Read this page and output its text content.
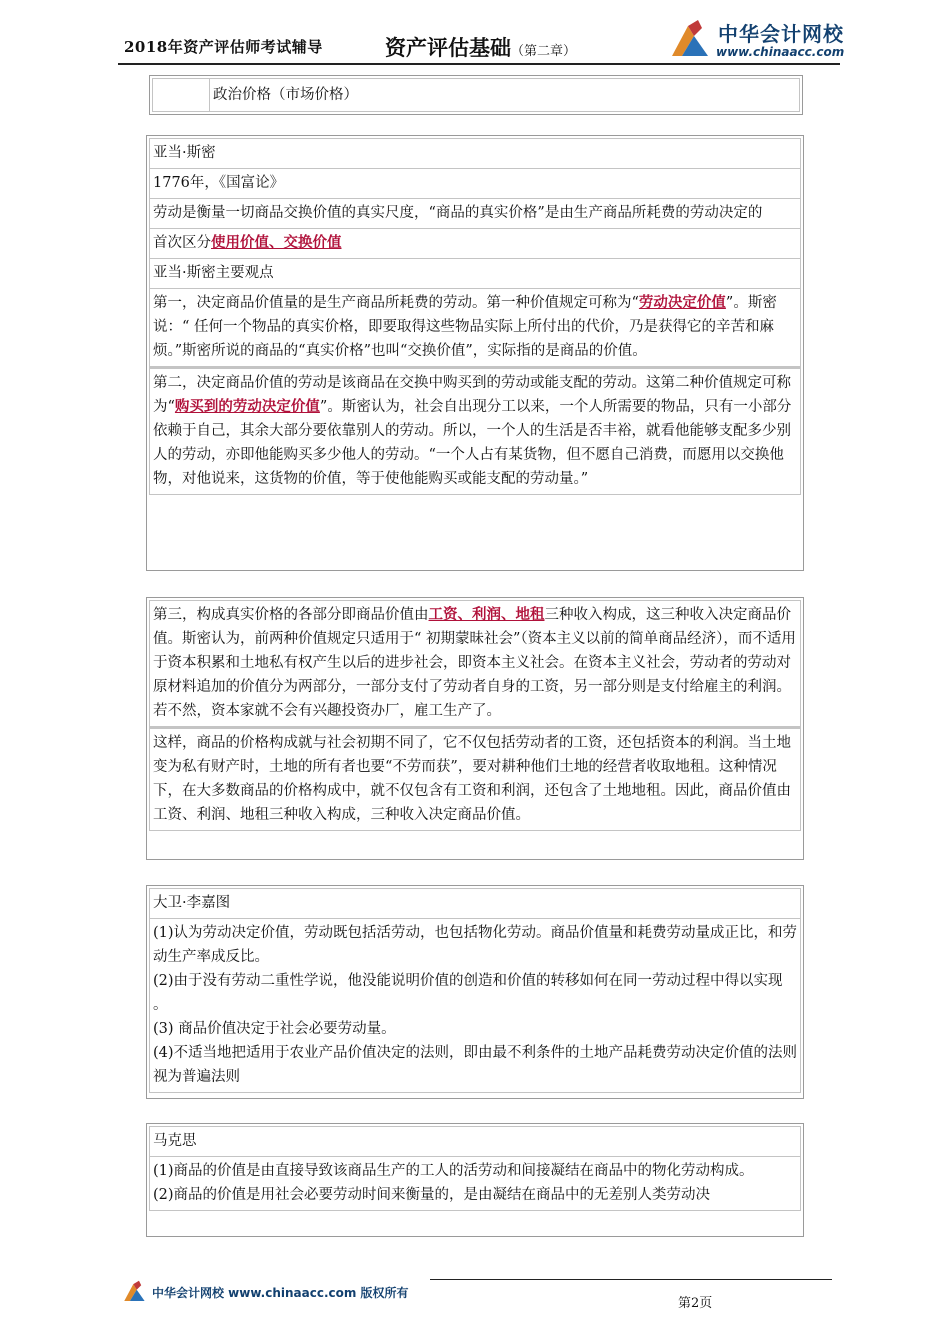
2018年资产评估师考试辅导	资产评估基础（第二章）
中华会计网校
www.chinaacc.com
政治价格（市场价格）
亚当·斯密
1776年，《国富论》
劳动是衡量一切商品交换价值的真实尺度，“商品的真实价格”是由生产商品所耗费的劳动决定的
首次区分使用价值、交换价值
亚当·斯密主要观点
第一，决定商品价值量的是生产商品所耗费的劳动。第一种价值规定可称为“劳动决定价值”。斯密说：“ 任何一个物品的真实价格，即要取得这些物品实际上所付出的代价，乃是获得它的辛苦和麻烦。”斯密所说的商品的“真实价格”也叫“交换价值”，实际指的是商品的价值。
第二，决定商品价值的劳动是该商品在交换中购买到的劳动或能支配的劳动。这第二种价值规定可称为“购买到的劳动决定价值”。斯密认为，社会自出现分工以来，一个人所需要的物品，只有一小部分依赖于自己，其余大部分要依靠别人的劳动。所以，一个人的生活是否丰裕，就看他能够支配多少别人的劳动，亦即他能购买多少他人的劳动。“一个人占有某货物，但不愿自己消费，而愿用以交换他物，对他说来，这货物的价值，等于使他能购买或能支配的劳动量。”
第三，构成真实价格的各部分即商品价值由工资、利润、地租三种收入构成，这三种收入决定商品价值。斯密认为，前两种价值规定只适用于“ 初期蒙昧社会”（资本主义以前的简单商品经济），而不适用于资本积累和土地私有权产生以后的进步社会，即资本主义社会。在资本主义社会，劳动者的劳动对原材料追加的价值分为两部分，一部分支付了劳动者自身的工资，另一部分则是支付给雇主的利润。若不然，资本家就不会有兴趣投资办厂，雇工生产了。
这样，商品的价格构成就与社会初期不同了，它不仅包括劳动者的工资，还包括资本的利润。当土地变为私有财产时，土地的所有者也要“不劳而获”，要对耕种他们土地的经营者收取地租。这种情况下，在大多数商品的价格构成中，就不仅包含有工资和利润，还包含了土地地租。因此，商品价值由工资、利润、地租三种收入构成，三种收入决定商品价值。
大卫·李嘉图
(1)认为劳动决定价值，劳动既包括活劳动，也包括物化劳动。商品价值量和耗费劳动量成正比，和劳动生产率成反比。
(2)由于没有劳动二重性学说，他没能说明价值的创造和价值的转移如何在同一劳动过程中得以实现 。
(3) 商品价值决定于社会必要劳动量。
(4)不适当地把适用于农业产品价值决定的法则，即由最不利条件的土地产品耗费劳动决定价值的法则视为普遍法则
马克思
(1)商品的价值是由直接导致该商品生产的工人的活劳动和间接凝结在商品中的物化劳动构成。
(2)商品的价值是用社会必要劳动时间来衡量的，是由凝结在商品中的无差别人类劳动决
中华会计网校 www.chinaacc.com 版权所有
第2页
